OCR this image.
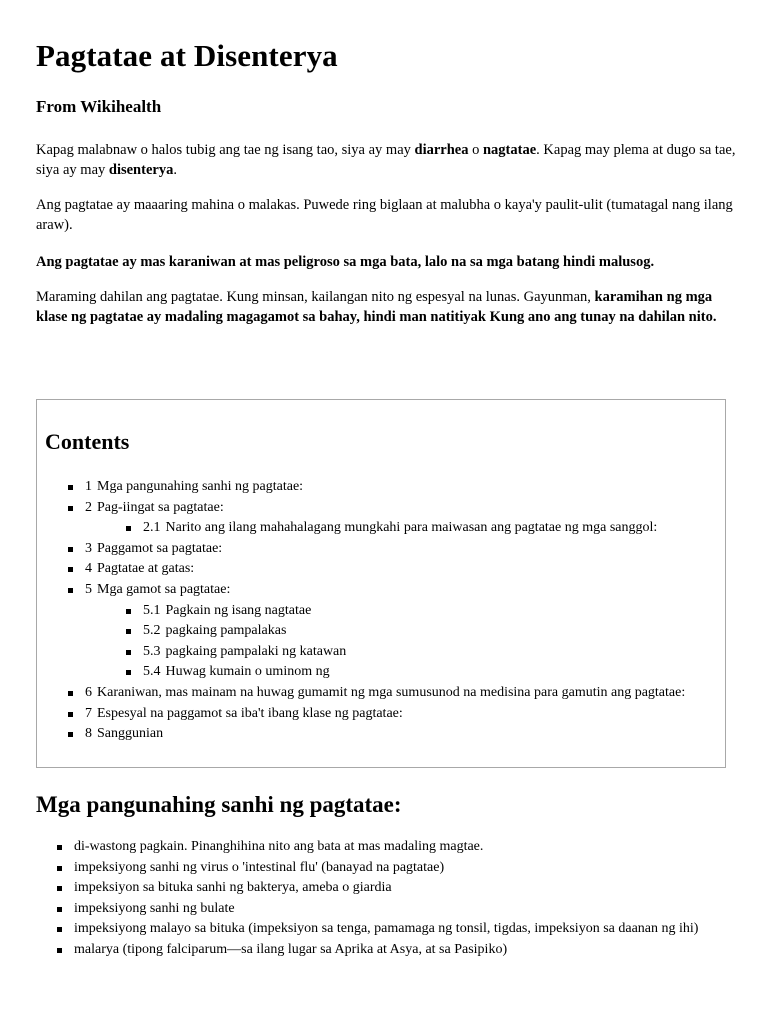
Pagtatae at Disenterya

From Wikihealth

Kapag malabnaw o halos tubig ang tae ng isang tao, siya ay may diarrhea o nagtatae. Kapag may plema at dugo sa tae, siya ay may disenterya.

Ang pagtatae ay maaaring mahina o malakas. Puwede ring biglaan at malubha o kaya'y paulit-ulit (tumatagal nang ilang araw).

Ang pagtatae ay mas karaniwan at mas peligroso sa mga bata, lalo na sa mga batang hindi malusog.

Maraming dahilan ang pagtatae. Kung minsan, kailangan nito ng espesyal na lunas. Gayunman, karamihan ng mga klase ng pagtatae ay madaling magagamot sa bahay, hindi man natitiyak Kung ano ang tunay na dahilan nito.

Contents
1 Mga pangunahing sanhi ng pagtatae:
2 Pag-iingat sa pagtatae:
2.1 Narito ang ilang mahahalagang mungkahi para maiwasan ang pagtatae ng mga sanggol:
3 Paggamot sa pagtatae:
4 Pagtatae at gatas:
5 Mga gamot sa pagtatae:
5.1 Pagkain ng isang nagtatae
5.2 pagkaing pampalakas
5.3 pagkaing pampalaki ng katawan
5.4 Huwag kumain o uminom ng
6 Karaniwan, mas mainam na huwag gumamit ng mga sumusunod na medisina para gamutin ang pagtatae:
7 Espesyal na paggamot sa iba't ibang klase ng pagtatae:
8 Sanggunian
Mga pangunahing sanhi ng pagtatae:
di-wastong pagkain. Pinanghihina nito ang bata at mas madaling magtae.
impeksiyong sanhi ng virus o 'intestinal flu' (banayad na pagtatae)
impeksiyon sa bituka sanhi ng bakterya, ameba o giardia
impeksiyong sanhi ng bulate
impeksiyong malayo sa bituka (impeksiyon sa tenga, pamamaga ng tonsil, tigdas, impeksiyon sa daanan ng ihi)
malarya (tipong falciparum—sa ilang lugar sa Aprika at Asya, at sa Pasipiko)
